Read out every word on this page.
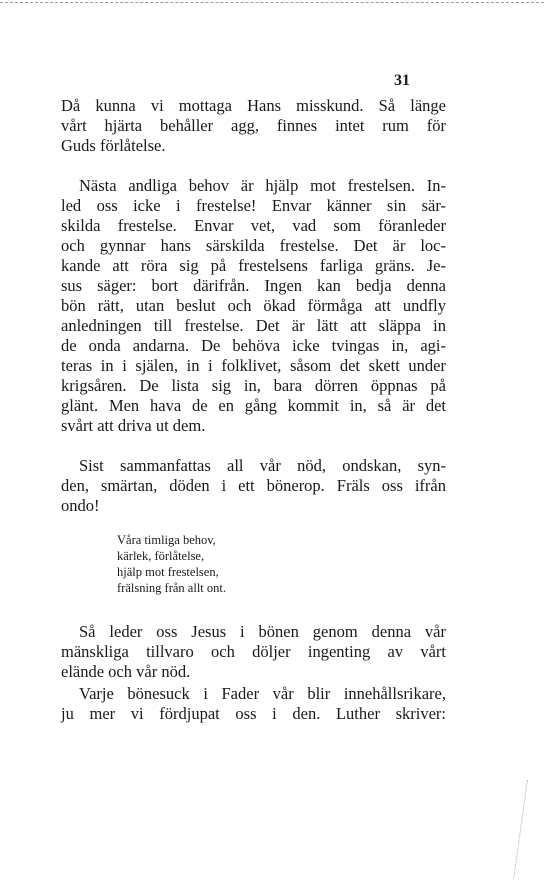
31
Då kunna vi mottaga Hans misskund. Så länge
vårt hjärta behåller agg, finnes intet rum för
Guds förlåtelse.
Nästa andliga behov är hjälp mot frestelsen. In-
led oss icke i frestelse! Envar känner sin sär-
skilda frestelse. Envar vet, vad som föranleder
och gynnar hans särskilda frestelse. Det är loc-
kande att röra sig på frestelsens farliga gräns. Je-
sus säger: bort därifrån. Ingen kan bedja denna
bön rätt, utan beslut och ökad förmåga att undfly
anledningen till frestelse. Det är lätt att släppa in
de onda andarna. De behöva icke tvingas in, agi-
teras in i själen, in i folklivet, såsom det skett under
krigsåren. De lista sig in, bara dörren öppnas på
glänt. Men hava de en gång kommit in, så är det
svårt att driva ut dem.
Sist sammanfattas all vår nöd, ondskan, syn-
den, smärtan, döden i ett bönerop. Fräls oss ifrån
ondo!
Våra timliga behov,
kärlek, förlåtelse,
hjälp mot frestelsen,
frälsning från allt ont.
Så leder oss Jesus i bönen genom denna vår
mänskliga tillvaro och döljer ingenting av vårt
elände och vår nöd.
Varje bönesuck i Fader vår blir innehållsrikare,
ju mer vi fördjupat oss i den. Luther skriver:
